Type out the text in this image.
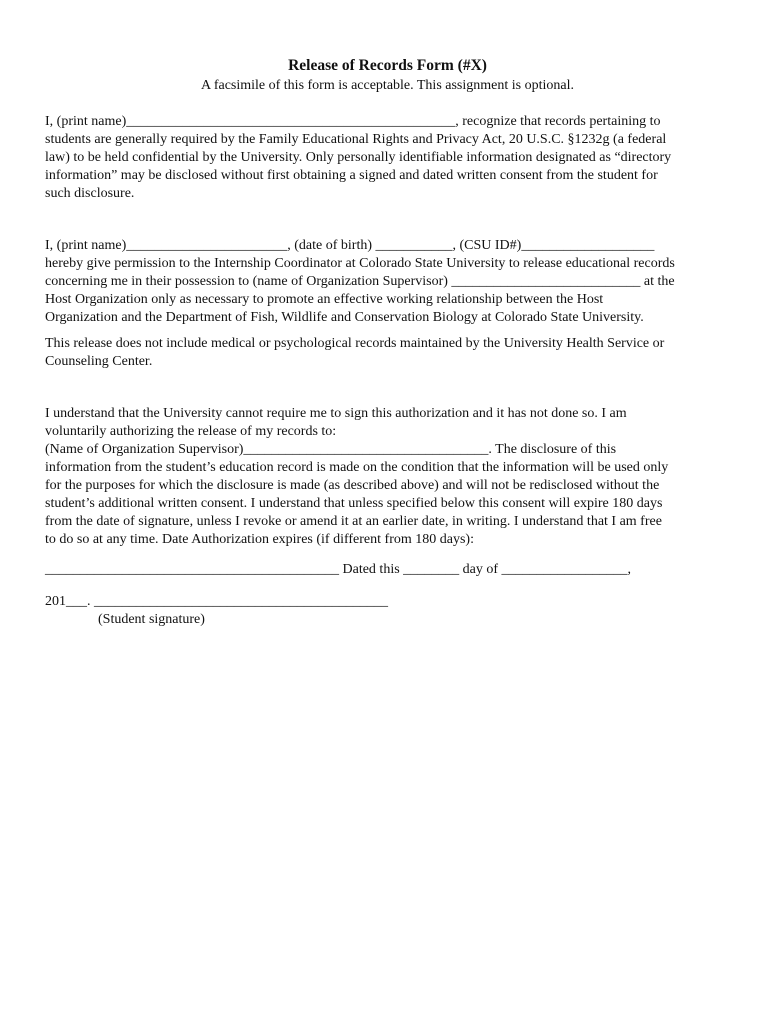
Release of Records Form (#X)

A facsimile of this form is acceptable. This assignment is optional.

I, (print name)_______________________________________________, recognize that records pertaining to
students are generally required by the Family Educational Rights and Privacy Act, 20 U.S.C. §1232g (a federal
law) to be held confidential by the University. Only personally identifiable information designated as “directory
information” may be disclosed without first obtaining a signed and dated written consent from the student for
such disclosure.
I, (print name)_______________________, (date of birth) ___________, (CSU ID#)___________________
hereby give permission to the Internship Coordinator at Colorado State University to release educational records
concerning me in their possession to (name of Organization Supervisor) ___________________________ at the
Host Organization only as necessary to promote an effective working relationship between the Host
Organization and the Department of Fish, Wildlife and Conservation Biology at Colorado State University.
This release does not include medical or psychological records maintained by the University Health Service or
Counseling Center.
I understand that the University cannot require me to sign this authorization and it has not done so. I am
voluntarily authorizing the release of my records to:
(Name of Organization Supervisor)___________________________________. The disclosure of this
information from the student’s education record is made on the condition that the information will be used only
for the purposes for which the disclosure is made (as described above) and will not be redisclosed without the
student’s additional written consent. I understand that unless specified below this consent will expire 180 days
from the date of signature, unless I revoke or amend it at an earlier date, in writing. I understand that I am free
to do so at any time. Date Authorization expires (if different from 180 days):
__________________________________________ Dated this ________ day of __________________,
201___. __________________________________________

(Student signature)
